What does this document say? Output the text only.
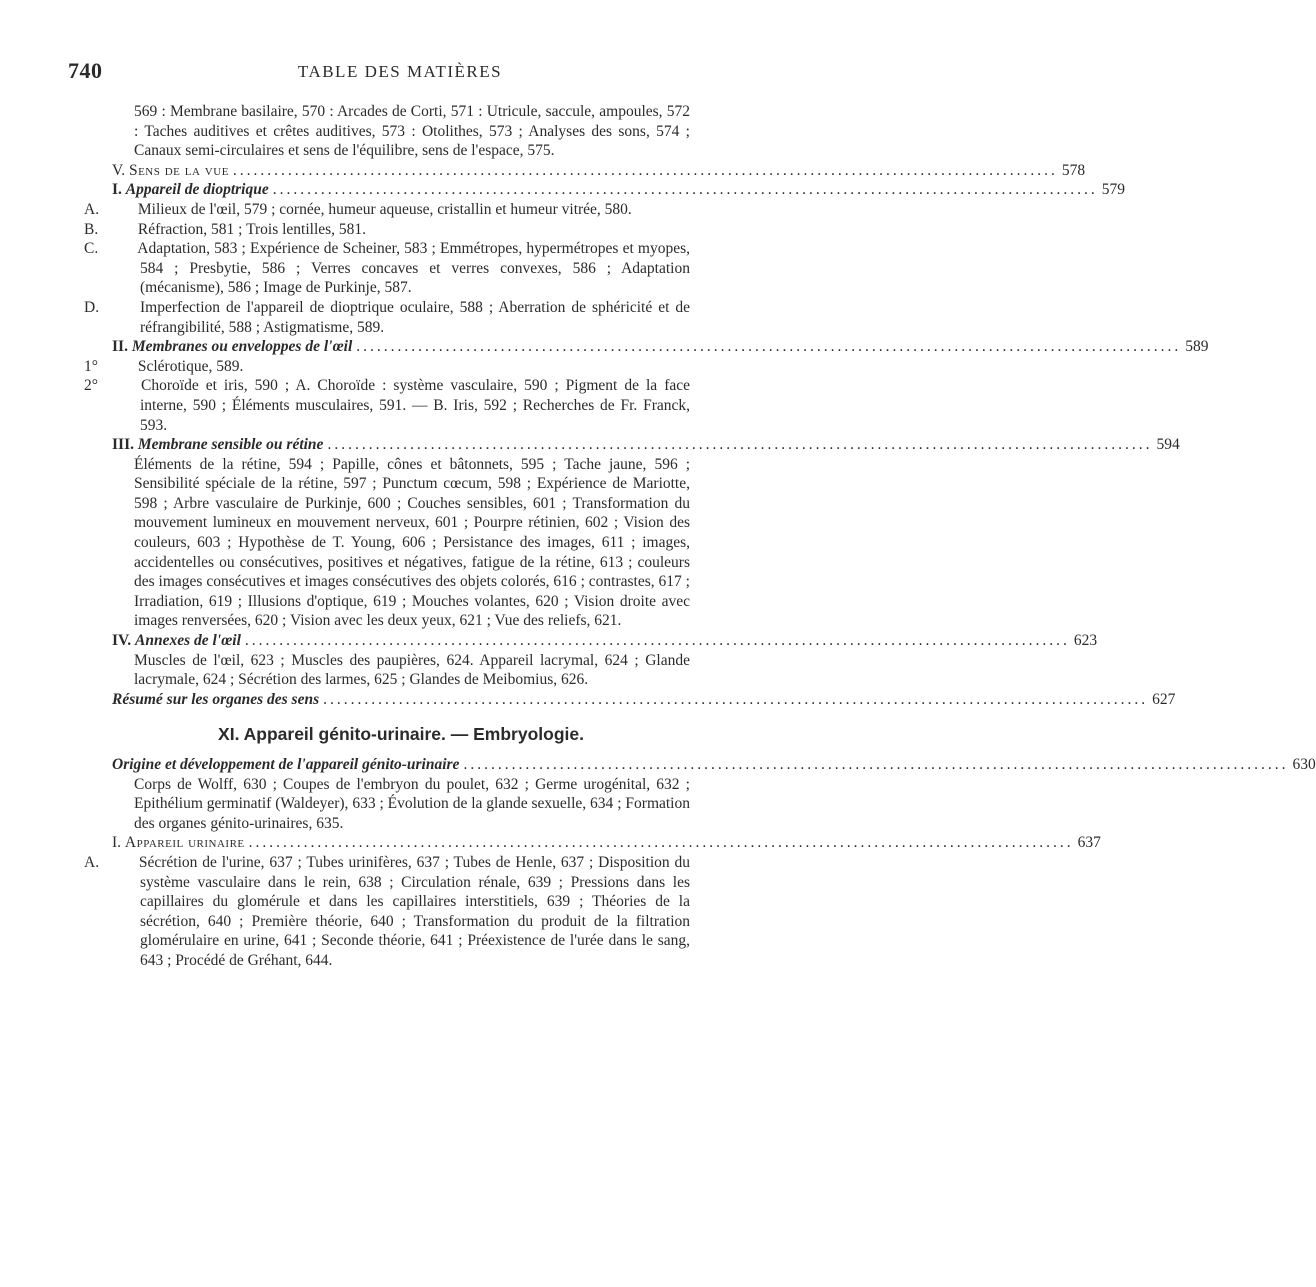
740	TABLE DES MATIÈRES

569 : Membrane basilaire, 570 : Arcades de Corti, 571 : Utricule, saccule, ampoules, 572 : Taches auditives et crêtes auditives, 573 : Otolithes, 573 ; Analyses des sons, 574 ; Canaux semi-circulaires et sens de l'équilibre, sens de l'espace, 575.

V. Sens de la vue ........................................................................................................................ 578
I. Appareil de dioptrique ........................................................................................................................ 579

A.	Milieux de l'œil, 579 ; cornée, humeur aqueuse, cristallin et humeur vitrée, 580.

B.	Réfraction, 581 ; Trois lentilles, 581.

C.	Adaptation, 583 ; Expérience de Scheiner, 583 ; Emmétropes, hypermétropes et myopes, 584 ; Presbytie, 586 ; Verres concaves et verres convexes, 586 ; Adaptation (mécanisme), 586 ; Image de Purkinje, 587.

D.	Imperfection de l'appareil de dioptrique oculaire, 588 ; Aberration de sphéricité et de réfrangibilité, 588 ; Astigmatisme, 589.

II. Membranes ou enveloppes de l'œil ........................................................................................................................ 589

1°	Sclérotique, 589.

2°	Choroïde et iris, 590 ; A. Choroïde : système vasculaire, 590 ; Pigment de la face interne, 590 ; Éléments musculaires, 591. — B. Iris, 592 ; Recherches de Fr. Franck, 593.

III. Membrane sensible ou rétine ........................................................................................................................ 594

Éléments de la rétine, 594 ; Papille, cônes et bâtonnets, 595 ; Tache jaune, 596 ; Sensibilité spéciale de la rétine, 597 ; Punctum cœcum, 598 ; Expérience de Mariotte, 598 ; Arbre vasculaire de Purkinje, 600 ; Couches sensibles, 601 ; Transformation du mouvement lumineux en mouvement nerveux, 601 ; Pourpre rétinien, 602 ; Vision des couleurs, 603 ; Hypothèse de T. Young, 606 ; Persistance des images, 611 ; images, accidentelles ou consécutives, positives et négatives, fatigue de la rétine, 613 ; couleurs des images consécutives et images consécutives des objets colorés, 616 ; contrastes, 617 ; Irradiation, 619 ; Illusions d'optique, 619 ; Mouches volantes, 620 ; Vision droite avec images renversées, 620 ; Vision avec les deux yeux, 621 ; Vue des reliefs, 621.

IV. Annexes de l'œil ........................................................................................................................ 623

Muscles de l'œil, 623 ; Muscles des paupières, 624. Appareil lacrymal, 624 ; Glande lacrymale, 624 ; Sécrétion des larmes, 625 ; Glandes de Meibomius, 626.

Résumé sur les organes des sens ........................................................................................................................ 627
XI. Appareil génito-urinaire. — Embryologie.
Origine et développement de l'appareil génito-urinaire ........................................................................................................................ 630

Corps de Wolff, 630 ; Coupes de l'embryon du poulet, 632 ; Germe urogénital, 632 ; Epithélium germinatif (Waldeyer), 633 ; Évolution de la glande sexuelle, 634 ; Formation des organes génito-urinaires, 635.

I. Appareil urinaire ........................................................................................................................ 637

A.	Sécrétion de l'urine, 637 ; Tubes urinifères, 637 ; Tubes de Henle, 637 ; Disposition du système vasculaire dans le rein, 638 ; Circulation rénale, 639 ; Pressions dans les capillaires du glomérule et dans les capillaires interstitiels, 639 ; Théories de la sécrétion, 640 ; Première théorie, 640 ; Transformation du produit de la filtration glomérulaire en urine, 641 ; Seconde théorie, 641 ; Préexistence de l'urée dans le sang, 643 ; Procédé de Gréhant, 644.
